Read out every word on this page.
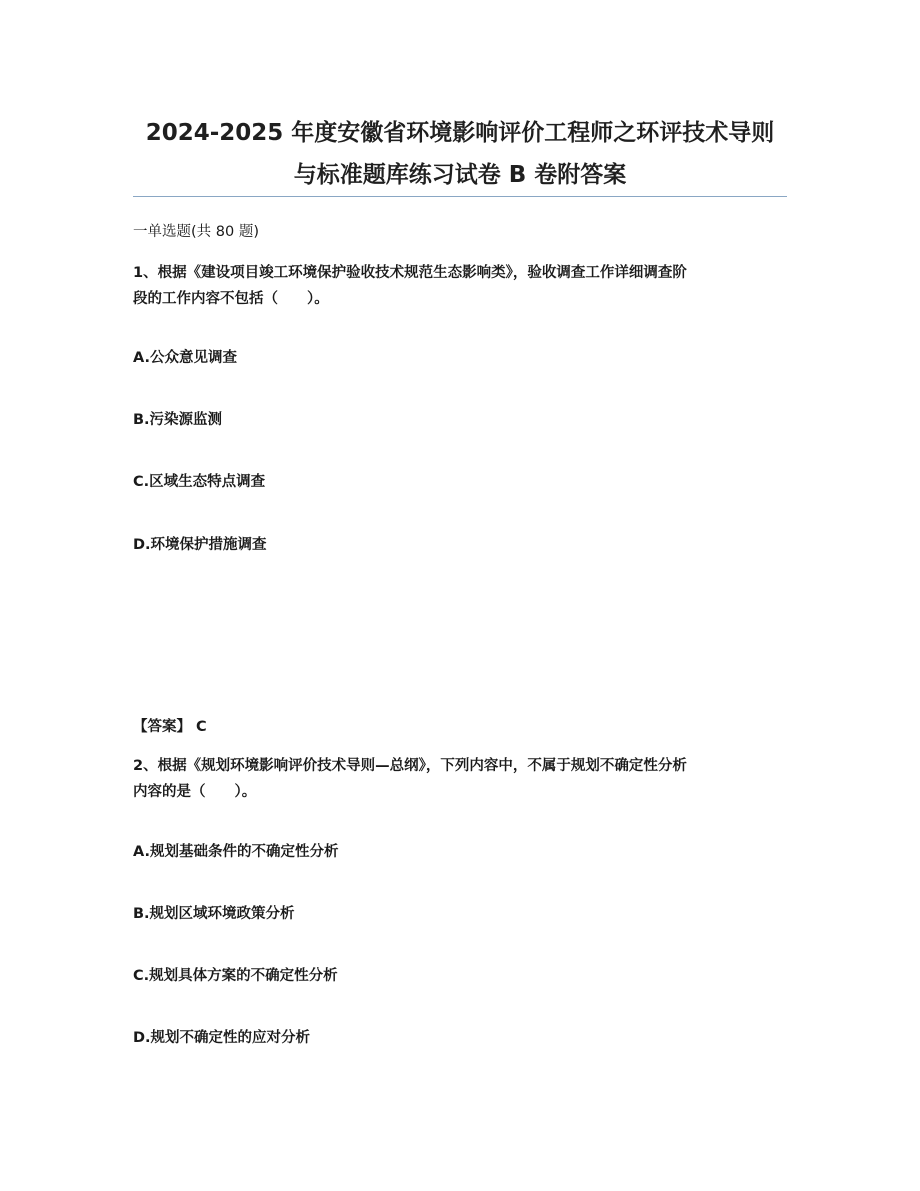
2024-2025 年度安徽省环境影响评价工程师之环评技术导则
与标准题库练习试卷 B 卷附答案
一单选题(共 80 题)
1、根据《建设项目竣工环境保护验收技术规范生态影响类》，验收调查工作详细调查阶
段的工作内容不包括（　　）。
A.公众意见调查
B.污染源监测
C.区域生态特点调查
D.环境保护措施调查
【答案】 C
2、根据《规划环境影响评价技术导则—总纲》，下列内容中，不属于规划不确定性分析
内容的是（　　）。
A.规划基础条件的不确定性分析
B.规划区域环境政策分析
C.规划具体方案的不确定性分析
D.规划不确定性的应对分析
